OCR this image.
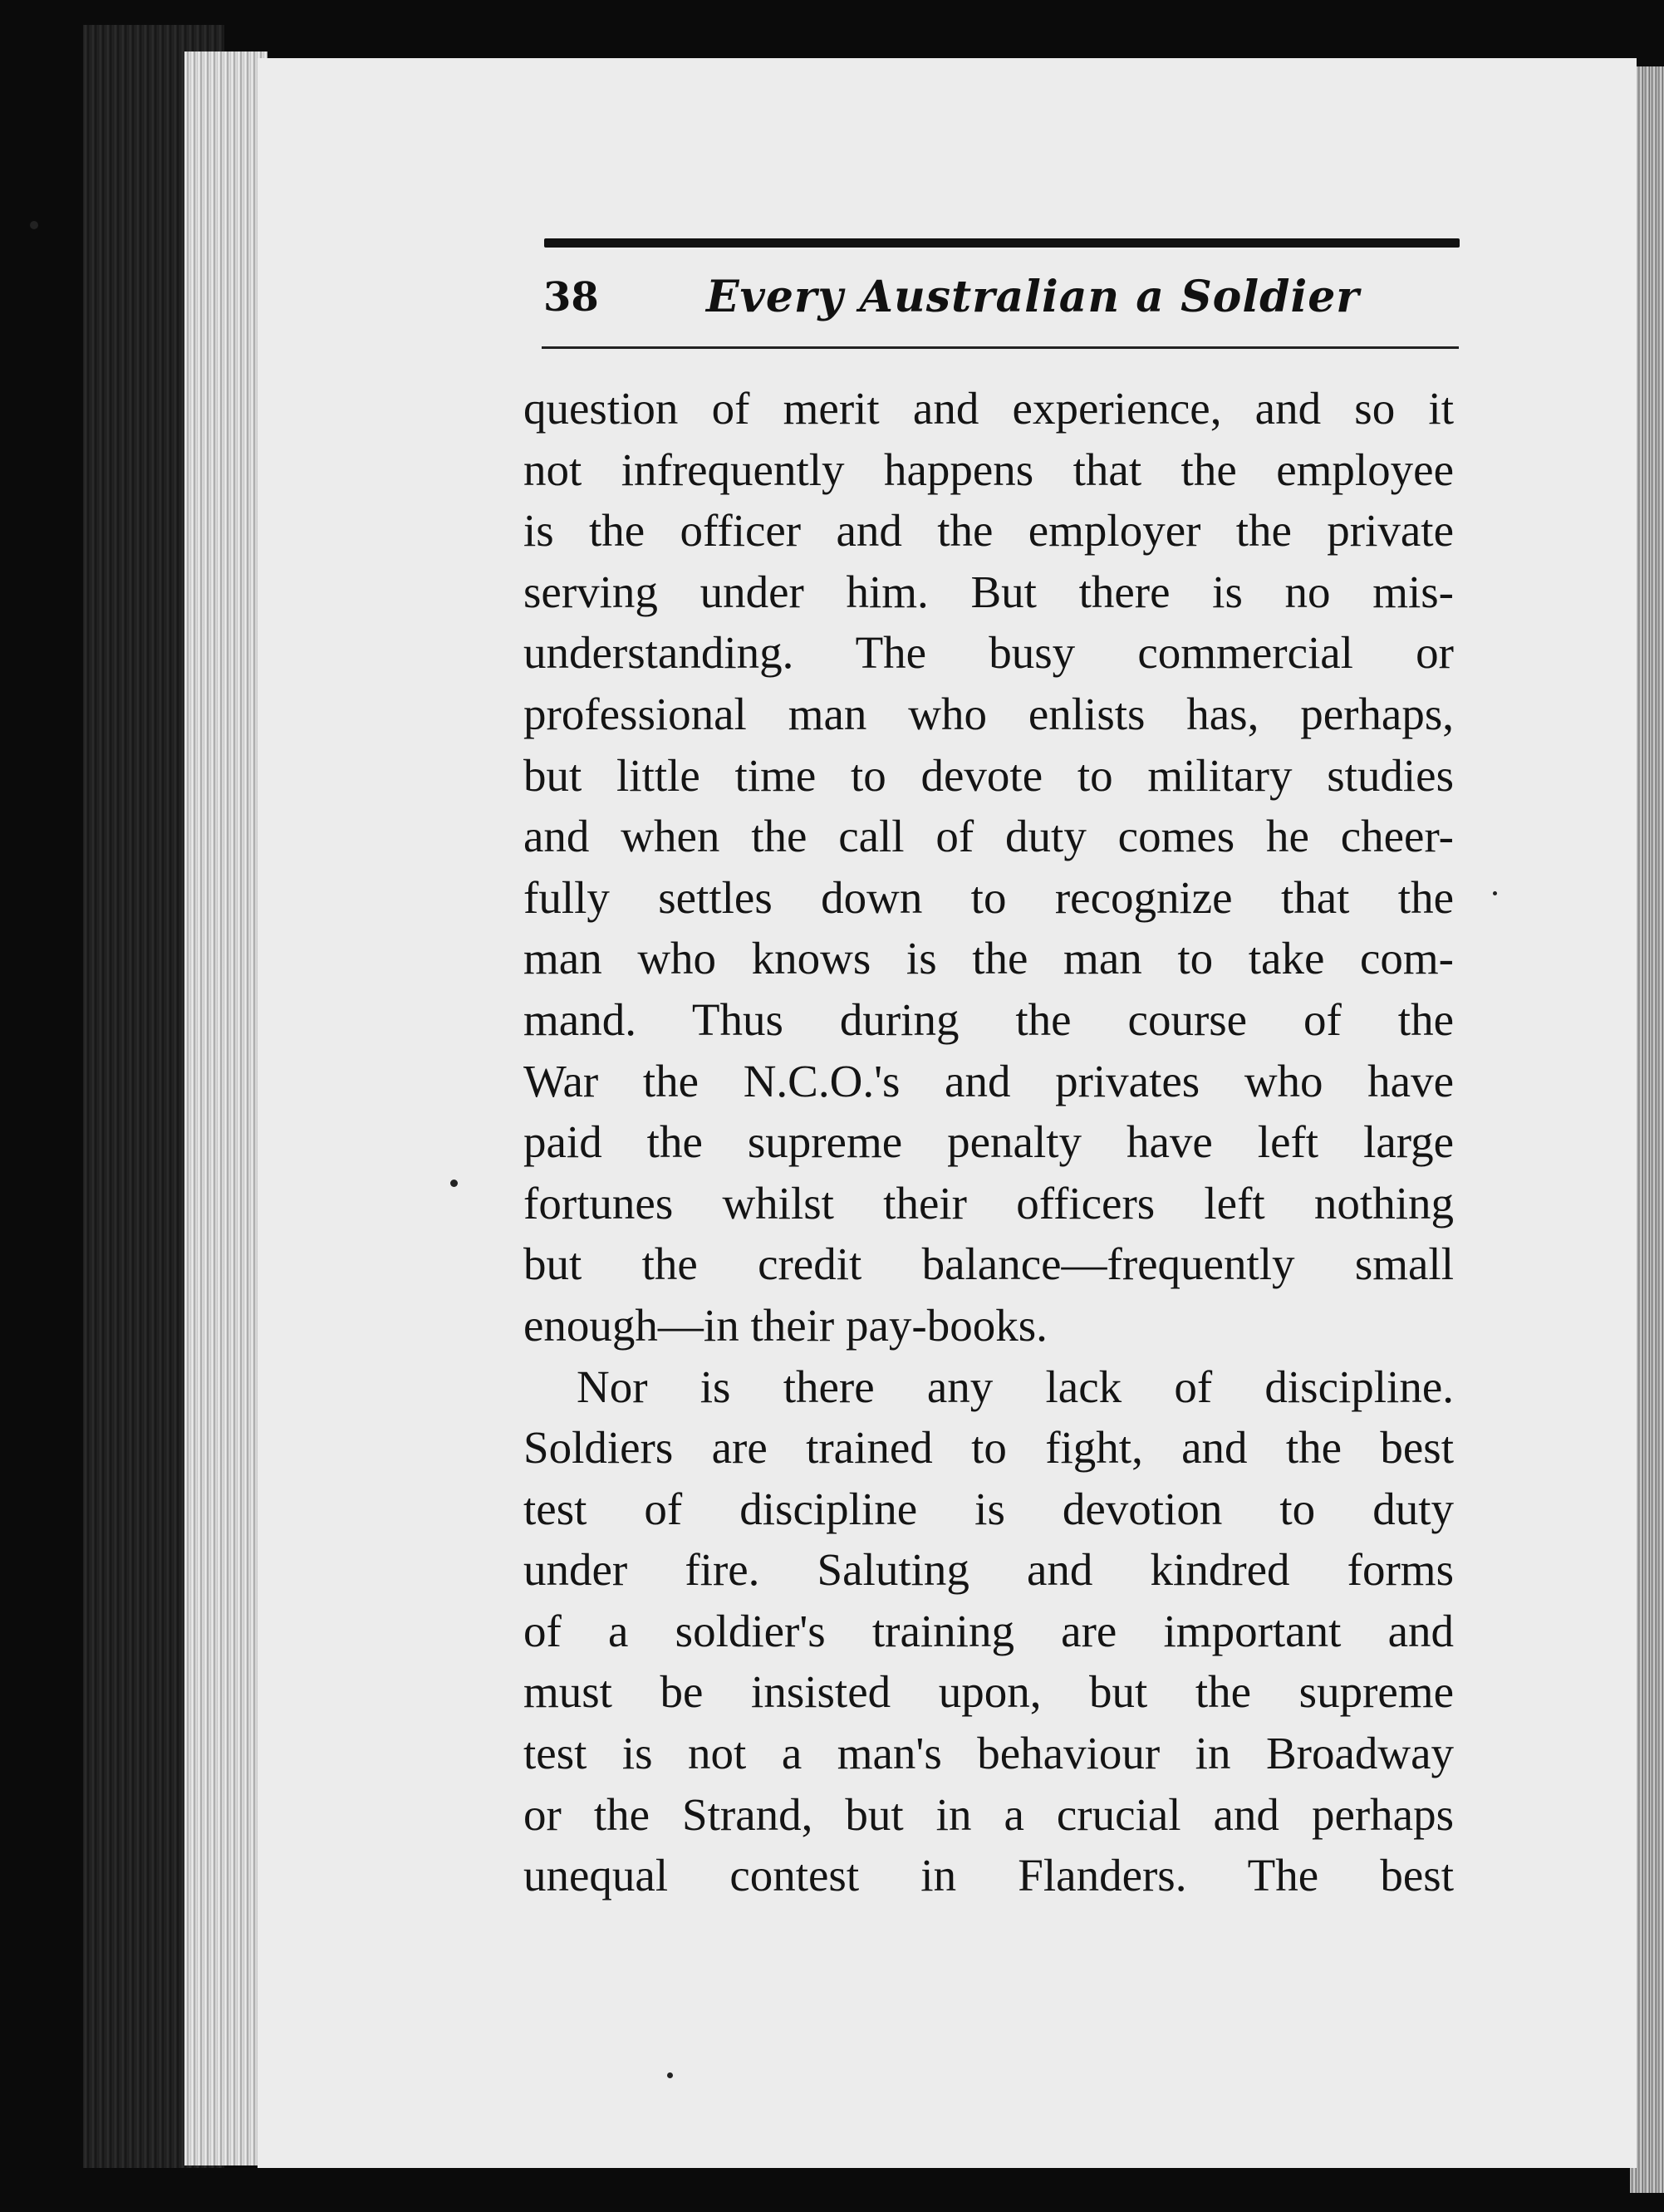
38 Every Australian a Soldier
question of merit and experience, and so it
not infrequently happens that the employee
is the officer and the employer the private
serving under him. But there is no mis-
understanding. The busy commercial or
professional man who enlists has, perhaps,
but little time to devote to military studies
and when the call of duty comes he cheer-
fully settles down to recognize that the
man who knows is the man to take com-
mand. Thus during the course of the
War the N.C.O.'s and privates who have
paid the supreme penalty have left large
fortunes whilst their officers left nothing
but the credit balance—frequently small
enough—in their pay-books.
Nor is there any lack of discipline.
Soldiers are trained to fight, and the best
test of discipline is devotion to duty
under fire. Saluting and kindred forms
of a soldier's training are important and
must be insisted upon, but the supreme
test is not a man's behaviour in Broadway
or the Strand, but in a crucial and perhaps
unequal contest in Flanders. The best
